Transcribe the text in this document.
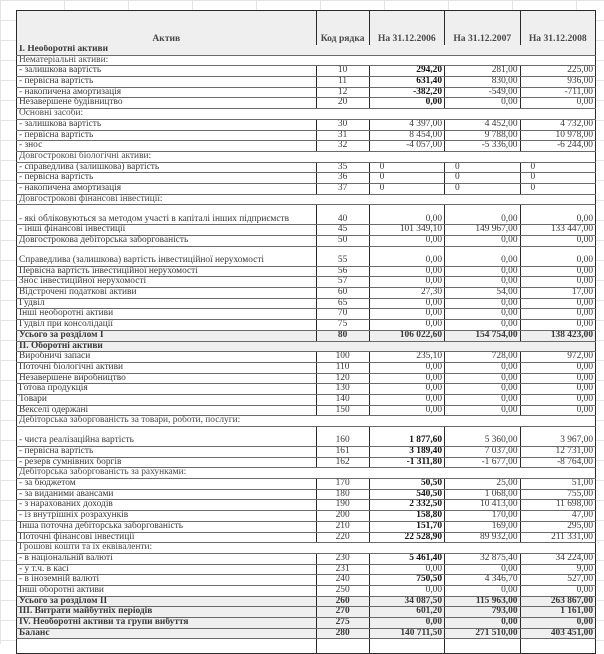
Актив	Код рядка	На 31.12.2006	На 31.12.2007	На 31.12.2008
I. Необоротні активи				
Нематеріальні активи:				
- залишкова вартість	10	294,20	281,00	225,00
- первісна вартість	11	631,40	830,00	936,00
- накопичена амортизація	12	-382,20	-549,00	-711,00
Незавершене будівництво	20	0,00	0,00	0,00
Основні засоби:				
- залишкова вартість	30	4 397,00	4 452,00	4 732,00
- первісна вартість	31	8 454,00	9 788,00	10 978,00
- знос	32	-4 057,00	-5 336,00	-6 244,00
Довгострокові біологічні активи:				
- справедлива (залишкова) вартість	35	0	0	0
- первісна вартість	36	0	0	0
- накопичена амортизація	37	0	0	0
Довгострокові фінансові інвестиції:				
- які обліковуються за методом участі в капіталі інших підприємств	40	0,00	0,00	0,00
- інші фінансові інвестиції	45	101 349,10	149 967,00	133 447,00
Довгострокова дебіторська заборгованість	50	0,00	0,00	0,00
Справедлива (залишкова) вартість інвестиційної нерухомості	55	0,00	0,00	0,00
Первісна вартість інвестиційної нерухомості	56	0,00	0,00	0,00
Знос інвестиційної нерухомості	57	0,00	0,00	0,00
Відстрочені податкові активи	60	27,30	54,00	17,00
Гудвіл	65	0,00	0,00	0,00
Інші необоротні активи	70	0,00	0,00	0,00
Гудвіл при консолідації	75	0,00	0,00	0,00
Усього за розділом I	80	106 022,60	154 754,00	138 423,00
II. Оборотні активи				
Виробничі запаси	100	235,10	728,00	972,00
Поточні біологічні активи	110	0,00	0,00	0,00
Незавершене виробництво	120	0,00	0,00	0,00
Готова продукція	130	0,00	0,00	0,00
Товари	140	0,00	0,00	0,00
Векселі одержані	150	0,00	0,00	0,00
Дебіторська заборгованість за товари, роботи, послуги:				
- чиста реалізаційна вартість	160	1 877,60	5 360,00	3 967,00
- первісна вартість	161	3 189,40	7 037,00	12 731,00
- резерв сумнівних боргів	162	-1 311,80	-1 677,00	-8 764,00
Дебіторська заборгованість за рахунками:				
- за бюджетом	170	50,50	25,00	51,00
- за виданими авансами	180	540,50	1 068,00	755,00
- з нарахованих доходів	190	2 332,50	10 413,00	11 698,00
- із внутрішніх розрахунків	200	158,80	170,00	47,00
Інша поточна дебіторська заборгованість	210	151,70	169,00	295,00
Поточні фінансові інвестиції	220	22 528,90	89 932,00	211 331,00
Грошові кошти та їх еквіваленти:				
- в національній валюті	230	5 461,40	32 875,40	34 224,00
- у т.ч. в касі	231	0,00	0,00	9,00
- в іноземній валюті	240	750,50	4 346,70	527,00
Інші оборотні активи	250	0,00	0,00	0,00
Усього за розділом II	260	34 087,50	115 963,00	263 867,00
III. Витрати майбутніх періодів	270	601,20	793,00	1 161,00
IV. Необоротні активи та групи вибуття	275	0,00	0,00	0,00
Баланс	280	140 711,50	271 510,00	403 451,00
